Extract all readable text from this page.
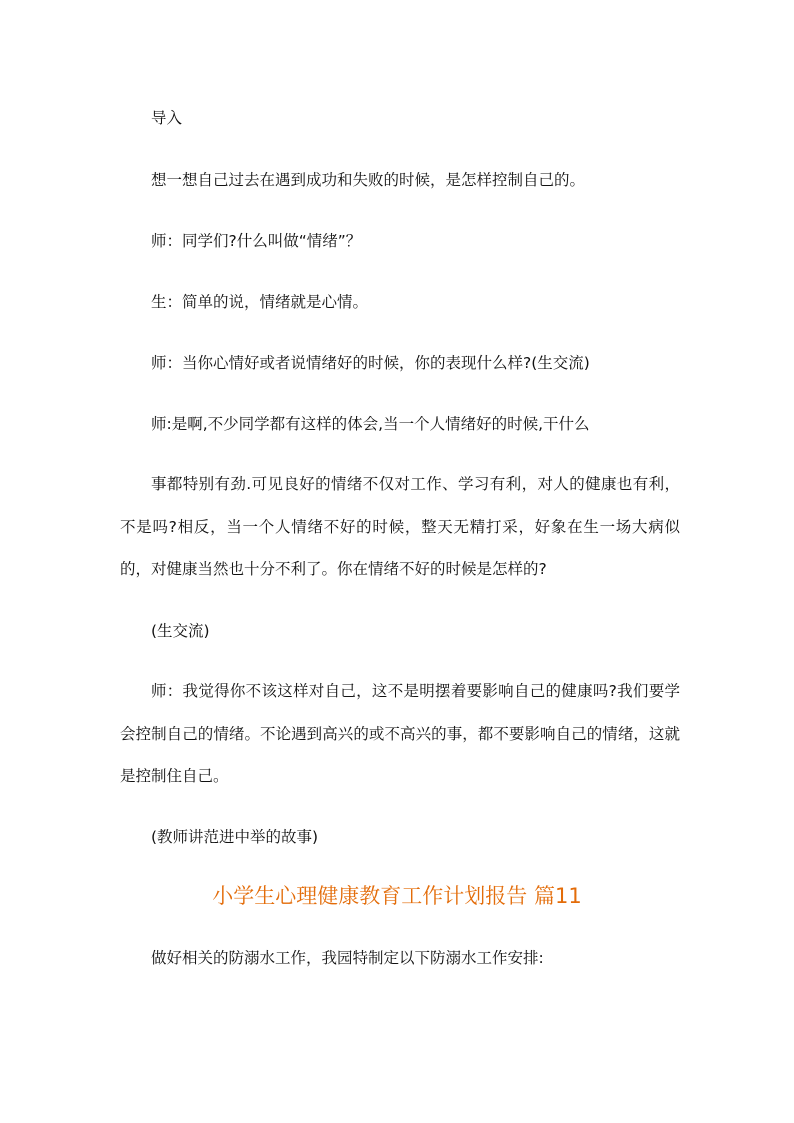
导入
想一想自己过去在遇到成功和失败的时候，是怎样控制自己的。
师：同学们?什么叫做“情绪”？
生：简单的说，情绪就是心情。
师：当你心情好或者说情绪好的时候，你的表现什么样?(生交流)
师:是啊,不少同学都有这样的体会,当一个人情绪好的时候,干什么
事都特别有劲.可见良好的情绪不仅对工作、学习有利，对人的健康也有利，不是吗?相反，当一个人情绪不好的时候，整天无精打采，好象在生一场大病似的，对健康当然也十分不利了。你在情绪不好的时候是怎样的?
(生交流)
师：我觉得你不该这样对自己，这不是明摆着要影响自己的健康吗?我们要学会控制自己的情绪。不论遇到高兴的或不高兴的事，都不要影响自己的情绪，这就是控制住自己。
(教师讲范进中举的故事)
小学生心理健康教育工作计划报告 篇11
做好相关的防溺水工作，我园特制定以下防溺水工作安排:
